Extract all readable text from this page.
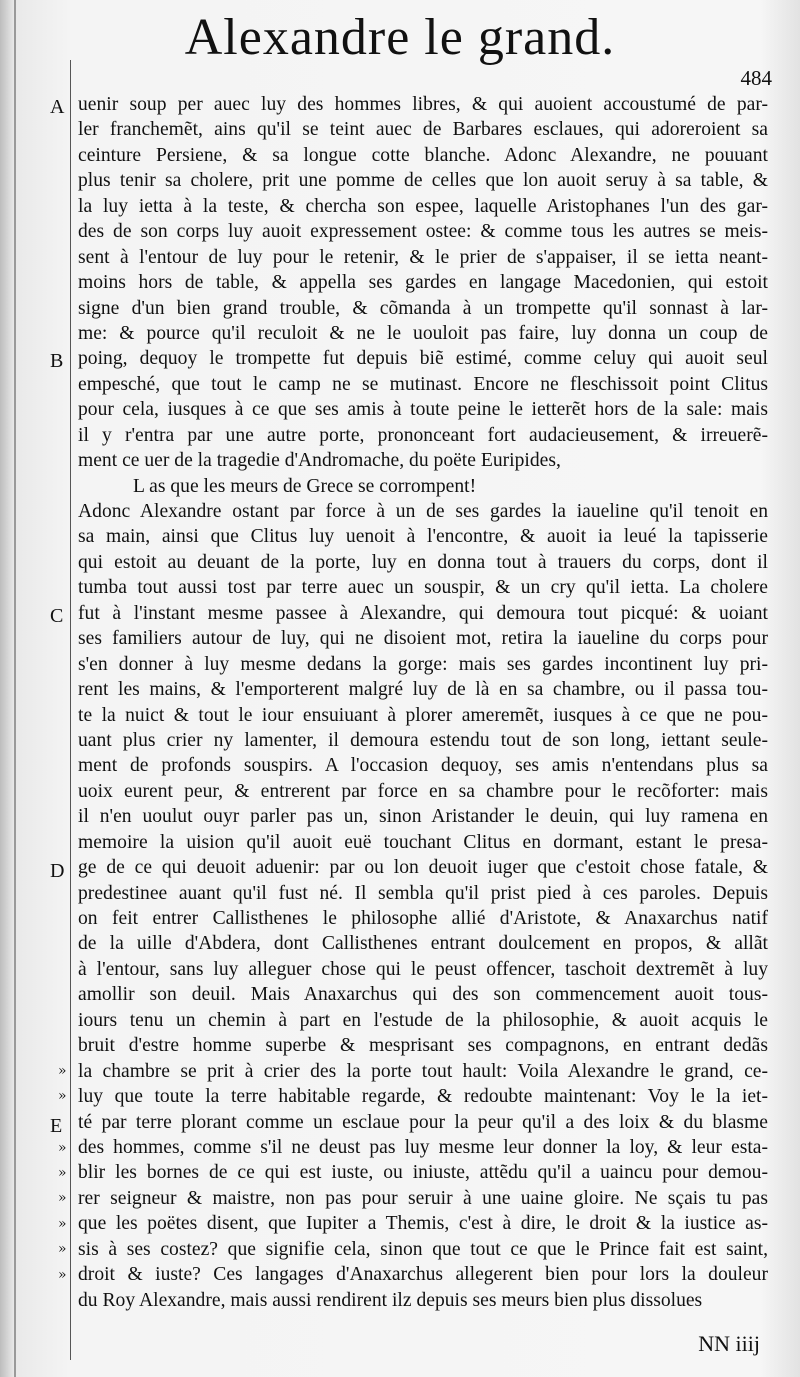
Alexandre le grand.
484
A
B
C
D
E
»
»
»
»
»
»
»
»
uenir soup per auec luy des hommes libres, & qui auoient accoustumé de par-
ler franchemẽt, ains qu'il se teint auec de Barbares esclaues, qui adoreroient sa
ceinture Persiene, & sa longue cotte blanche. Adonc Alexandre, ne pouuant
plus tenir sa cholere, prit une pomme de celles que lon auoit seruy à sa table, &
la luy ietta à la teste, & chercha son espee, laquelle Aristophanes l'un des gar-
des de son corps luy auoit expressement ostee: & comme tous les autres se meis-
sent à l'entour de luy pour le retenir, & le prier de s'appaiser, il se ietta neant-
moins hors de table, & appella ses gardes en langage Macedonien, qui estoit
signe d'un bien grand trouble, & cõmanda à un trompette qu'il sonnast à lar-
me: & pource qu'il reculoit & ne le uouloit pas faire, luy donna un coup de
poing, dequoy le trompette fut depuis biẽ estimé, comme celuy qui auoit seul
empesché, que tout le camp ne se mutinast. Encore ne fleschissoit point Clitus
pour cela, iusques à ce que ses amis à toute peine le ietterẽt hors de la sale: mais
il y r'entra par une autre porte, prononceant fort audacieusement, & irreuerẽ-
ment ce uer de la tragedie d'Andromache, du poëte Euripides,
L as que les meurs de Grece se corrompent!
Adonc Alexandre ostant par force à un de ses gardes la iaueline qu'il tenoit en
sa main, ainsi que Clitus luy uenoit à l'encontre, & auoit ia leué la tapisserie
qui estoit au deuant de la porte, luy en donna tout à trauers du corps, dont il
tumba tout aussi tost par terre auec un souspir, & un cry qu'il ietta. La cholere
fut à l'instant mesme passee à Alexandre, qui demoura tout picqué: & uoiant
ses familiers autour de luy, qui ne disoient mot, retira la iaueline du corps pour
s'en donner à luy mesme dedans la gorge: mais ses gardes incontinent luy pri-
rent les mains, & l'emporterent malgré luy de là en sa chambre, ou il passa tou-
te la nuict & tout le iour ensuiuant à plorer ameremẽt, iusques à ce que ne pou-
uant plus crier ny lamenter, il demoura estendu tout de son long, iettant seule-
ment de profonds souspirs. A l'occasion dequoy, ses amis n'entendans plus sa
uoix eurent peur, & entrerent par force en sa chambre pour le recõforter: mais
il n'en uoulut ouyr parler pas un, sinon Aristander le deuin, qui luy ramena en
memoire la uision qu'il auoit euë touchant Clitus en dormant, estant le presa-
ge de ce qui deuoit aduenir: par ou lon deuoit iuger que c'estoit chose fatale, &
predestinee auant qu'il fust né. Il sembla qu'il prist pied à ces paroles. Depuis
on feit entrer Callisthenes le philosophe allié d'Aristote, & Anaxarchus natif
de la uille d'Abdera, dont Callisthenes entrant doulcement en propos, & allãt
à l'entour, sans luy alleguer chose qui le peust offencer, taschoit dextremẽt à luy
amollir son deuil. Mais Anaxarchus qui des son commencement auoit tous-
iours tenu un chemin à part en l'estude de la philosophie, & auoit acquis le
bruit d'estre homme superbe & mesprisant ses compagnons, en entrant dedãs
la chambre se prit à crier des la porte tout hault: Voila Alexandre le grand, ce-
luy que toute la terre habitable regarde, & redoubte maintenant: Voy le la iet-
té par terre plorant comme un esclaue pour la peur qu'il a des loix & du blasme
des hommes, comme s'il ne deust pas luy mesme leur donner la loy, & leur esta-
blir les bornes de ce qui est iuste, ou iniuste, attẽdu qu'il a uaincu pour demou-
rer seigneur & maistre, non pas pour seruir à une uaine gloire. Ne sçais tu pas
que les poëtes disent, que Iupiter a Themis, c'est à dire, le droit & la iustice as-
sis à ses costez? que signifie cela, sinon que tout ce que le Prince fait est saint,
droit & iuste? Ces langages d'Anaxarchus allegerent bien pour lors la douleur
du Roy Alexandre, mais aussi rendirent ilz depuis ses meurs bien plus dissolues
NN iiij
